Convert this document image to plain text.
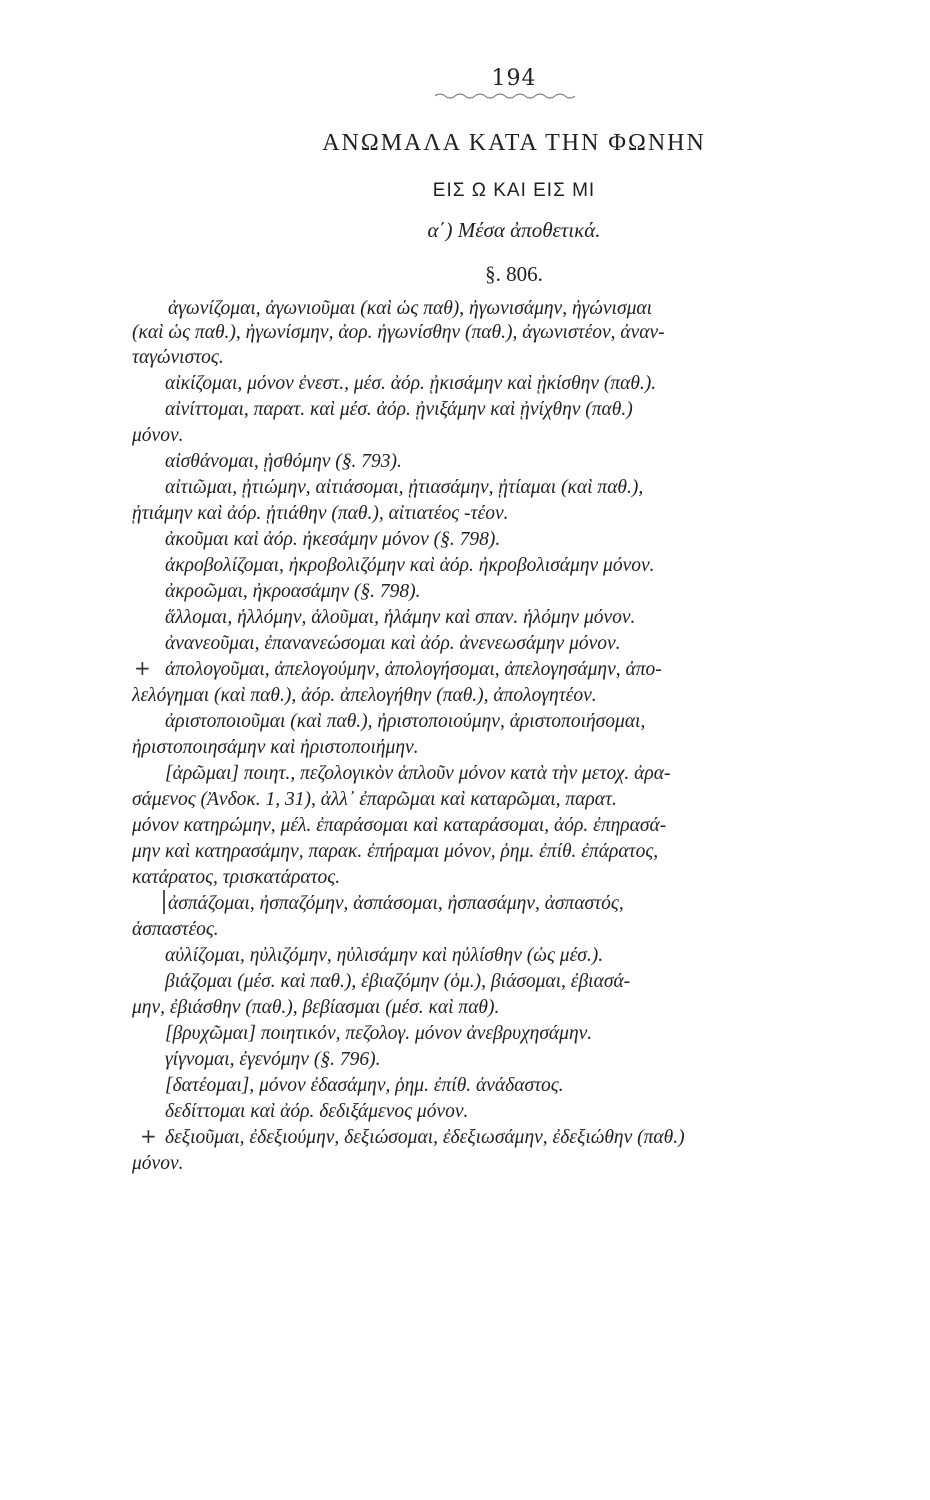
194
ΑΝΩΜΑΛΑ ΚΑΤΑ ΤΗΝ ΦΩΝΗΝ
ΕΙΣ Ω ΚΑΙ ΕΙΣ ΜΙ
α΄) Μέσα ἀποθετικά.
§. 806.
ἀγωνίζομαι, ἀγωνιοῦμαι (καὶ ὡς παθ), ἠγωνισάμην, ἠγώνισμαι
(καὶ ὡς παθ.), ἠγωνίσμην, ἀορ. ἠγωνίσθην (παθ.), ἀγωνιστέον, ἀναν-
ταγώνιστος.
αἰκίζομαι, μόνον ἐνεστ., μέσ. ἀόρ. ᾐκισάμην καὶ ᾐκίσθην (παθ.).
αἰνίττομαι, παρατ. καὶ μέσ. ἀόρ. ᾐνιξάμην καὶ ᾐνίχθην (παθ.)
μόνον.
αἰσθάνομαι, ᾐσθόμην (§. 793).
αἰτιῶμαι, ᾐτιώμην, αἰτιάσομαι, ᾐτιασάμην, ᾐτίαμαι (καὶ παθ.),
ᾐτιάμην καὶ ἀόρ. ᾐτιάθην (παθ.), αἰτιατέος -τέον.
ἀκοῦμαι καὶ ἀόρ. ἠκεσάμην μόνον (§. 798).
ἀκροβολίζομαι, ἠκροβολιζόμην καὶ ἀόρ. ἠκροβολισάμην μόνον.
ἀκροῶμαι, ἠκροασάμην (§. 798).
ἅλλομαι, ἡλλόμην, ἁλοῦμαι, ἡλάμην καὶ σπαν. ἡλόμην μόνον.
ἀνανεοῦμαι, ἐπανανεώσομαι καὶ ἀόρ. ἀνενεωσάμην μόνον.
+ ἀπολογοῦμαι, ἀπελογούμην, ἀπολογήσομαι, ἀπελογησάμην, ἀπο-
λελόγημαι (καὶ παθ.), ἀόρ. ἀπελογήθην (παθ.), ἀπολογητέον.
ἀριστοποιοῦμαι (καὶ παθ.), ἠριστοποιούμην, ἀριστοποιήσομαι,
ἠριστοποιησάμην καὶ ἠριστοποιήμην.
[ἀρῶμαι] ποιητ., πεζολογικὸν ἁπλοῦν μόνον κατὰ τὴν μετοχ. ἀρα-
σάμενος (Ἀνδοκ. 1, 31), ἀλλ᾽ ἐπαρῶμαι καὶ καταρῶμαι, παρατ.
μόνον κατηρώμην, μέλ. ἐπαράσομαι καὶ καταράσομαι, ἀόρ. ἐπηρασά-
μην καὶ κατηρασάμην, παρακ. ἐπήραμαι μόνον, ῥημ. ἐπίθ. ἐπάρατος,
κατάρατος, τρισκατάρατος.
ἀσπάζομαι, ἠσπαζόμην, ἀσπάσομαι, ἠσπασάμην, ἀσπαστός,
ἀσπαστέος.
αὐλίζομαι, ηὐλιζόμην, ηὐλισάμην καὶ ηὐλίσθην (ὡς μέσ.).
βιάζομαι (μέσ. καὶ παθ.), ἐβιαζόμην (ὁμ.), βιάσομαι, ἐβιασά-
μην, ἐβιάσθην (παθ.), βεβίασμαι (μέσ. καὶ παθ).
[βρυχῶμαι] ποιητικόν, πεζολογ. μόνον ἀνεβρυχησάμην.
γίγνομαι, ἐγενόμην (§. 796).
[δατέομαι], μόνον ἐδασάμην, ῥημ. ἐπίθ. ἀνάδαστος.
δεδίττομαι καὶ ἀόρ. δεδιξάμενος μόνον.
+ δεξιοῦμαι, ἐδεξιούμην, δεξιώσομαι, ἐδεξιωσάμην, ἐδεξιώθην (παθ.)
μόνον.
